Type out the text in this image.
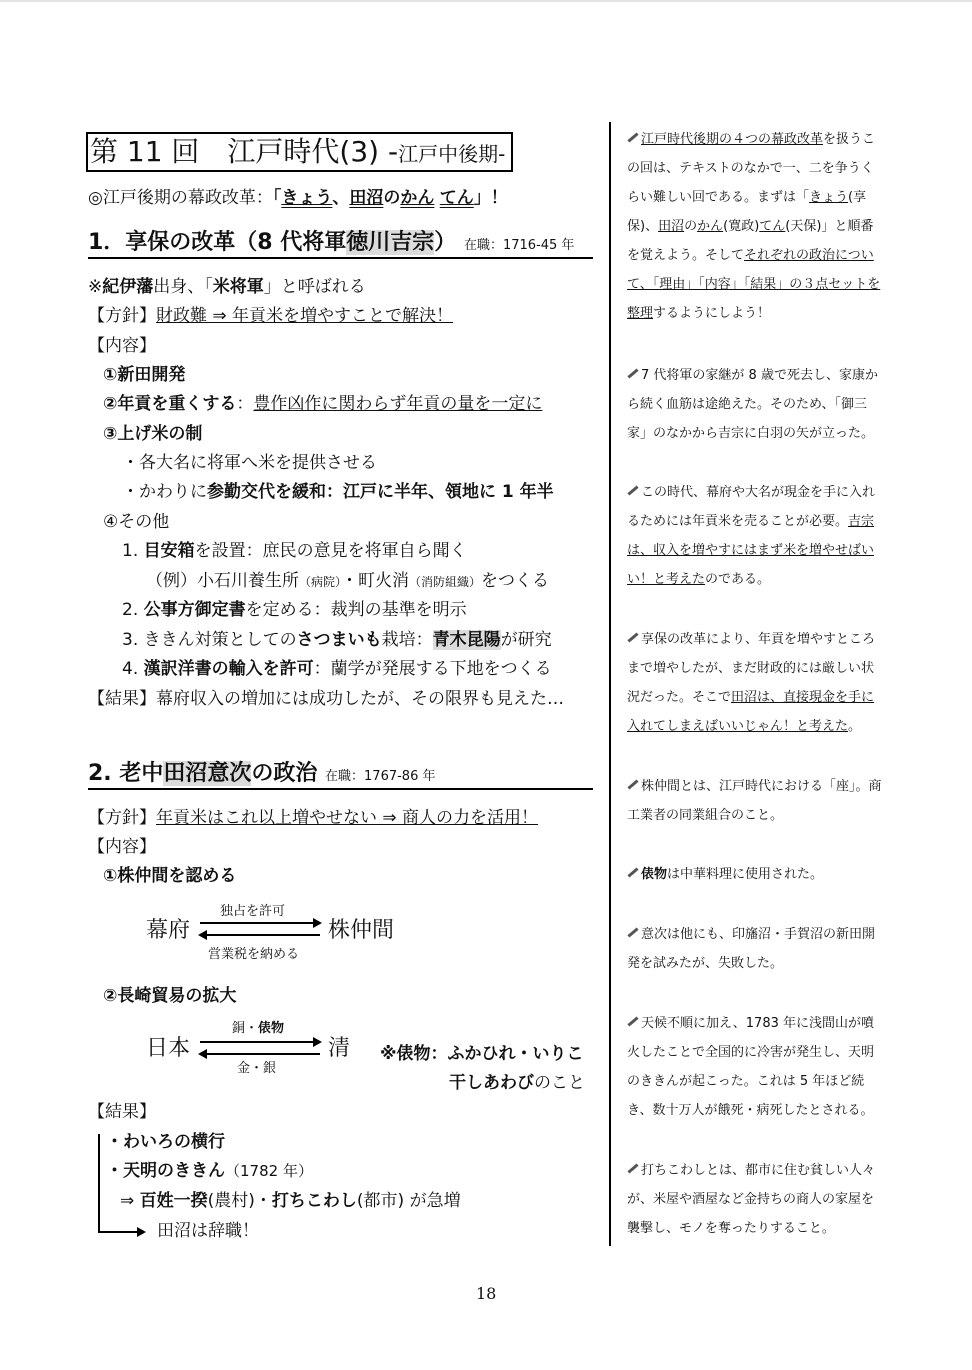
第 11 回　江戸時代(3) -江戸中後期-
◎江戸後期の幕政改革：「きょう、田沼のかん てん」！
1．享保の改革（8 代将軍徳川吉宗） 在職：1716-45 年
※紀伊藩出身、「米将軍」と呼ばれる
【方針】財政難 ⇒ 年貢米を増やすことで解決！
【内容】
①新田開発
②年貢を重くする：豊作凶作に関わらず年貢の量を一定に
③上げ米の制
・各大名に将軍へ米を提供させる
・かわりに参勤交代を緩和：江戸に半年、領地に 1 年半
④その他
1. 目安箱を設置：庶民の意見を将軍自ら聞く
（例）小石川養生所（病院）・町火消（消防組織）をつくる
2. 公事方御定書を定める：裁判の基準を明示
3. ききん対策としてのさつまいも栽培：青木昆陽が研究
4. 漢訳洋書の輸入を許可：蘭学が発展する下地をつくる
【結果】幕府収入の増加には成功したが、その限界も見えた…
2. 老中田沼意次の政治 在職：1767-86 年
【方針】年貢米はこれ以上増やせない ⇒ 商人の力を活用！
【内容】
①株仲間を認める
幕府
独占を許可
営業税を納める
株仲間
②長崎貿易の拡大
日本
銅・俵物
金・銀
清 ※俵物：ふかひれ・いりこ
干しあわびのこと
【結果】
・わいろの横行
・天明のききん（1782 年）
⇒ 百姓一揆(農村)・打ちこわし(都市) が急増
田沼は辞職！
江戸時代後期の４つの幕政改革を扱うこ
の回は、テキストのなかで一、二を争うく
らい難しい回である。まずは「きょう(享
保)、田沼のかん(寛政)てん(天保)」と順番
を覚えよう。そしてそれぞれの政治につい
て、「理由」「内容」「結果」の３点セットを
整理するようにしよう！
7 代将軍の家継が 8 歳で死去し、家康か
ら続く血筋は途絶えた。そのため、「御三
家」のなかから吉宗に白羽の矢が立った。
この時代、幕府や大名が現金を手に入れ
るためには年貢米を売ることが必要。吉宗
は、収入を増やすにはまず米を増やせばい
い！と考えたのである。
享保の改革により、年貢を増やすところ
まで増やしたが、まだ財政的には厳しい状
況だった。そこで田沼は、直接現金を手に
入れてしまえばいいじゃん！と考えた。
株仲間とは、江戸時代における「座」。商
工業者の同業組合のこと。
俵物は中華料理に使用された。
意次は他にも、印旛沼・手賀沼の新田開
発を試みたが、失敗した。
天候不順に加え、1783 年に浅間山が噴
火したことで全国的に冷害が発生し、天明
のききんが起こった。これは 5 年ほど続
き、数十万人が餓死・病死したとされる。
打ちこわしとは、都市に住む貧しい人々
が、米屋や酒屋など金持ちの商人の家屋を
襲撃し、モノを奪ったりすること。
18
